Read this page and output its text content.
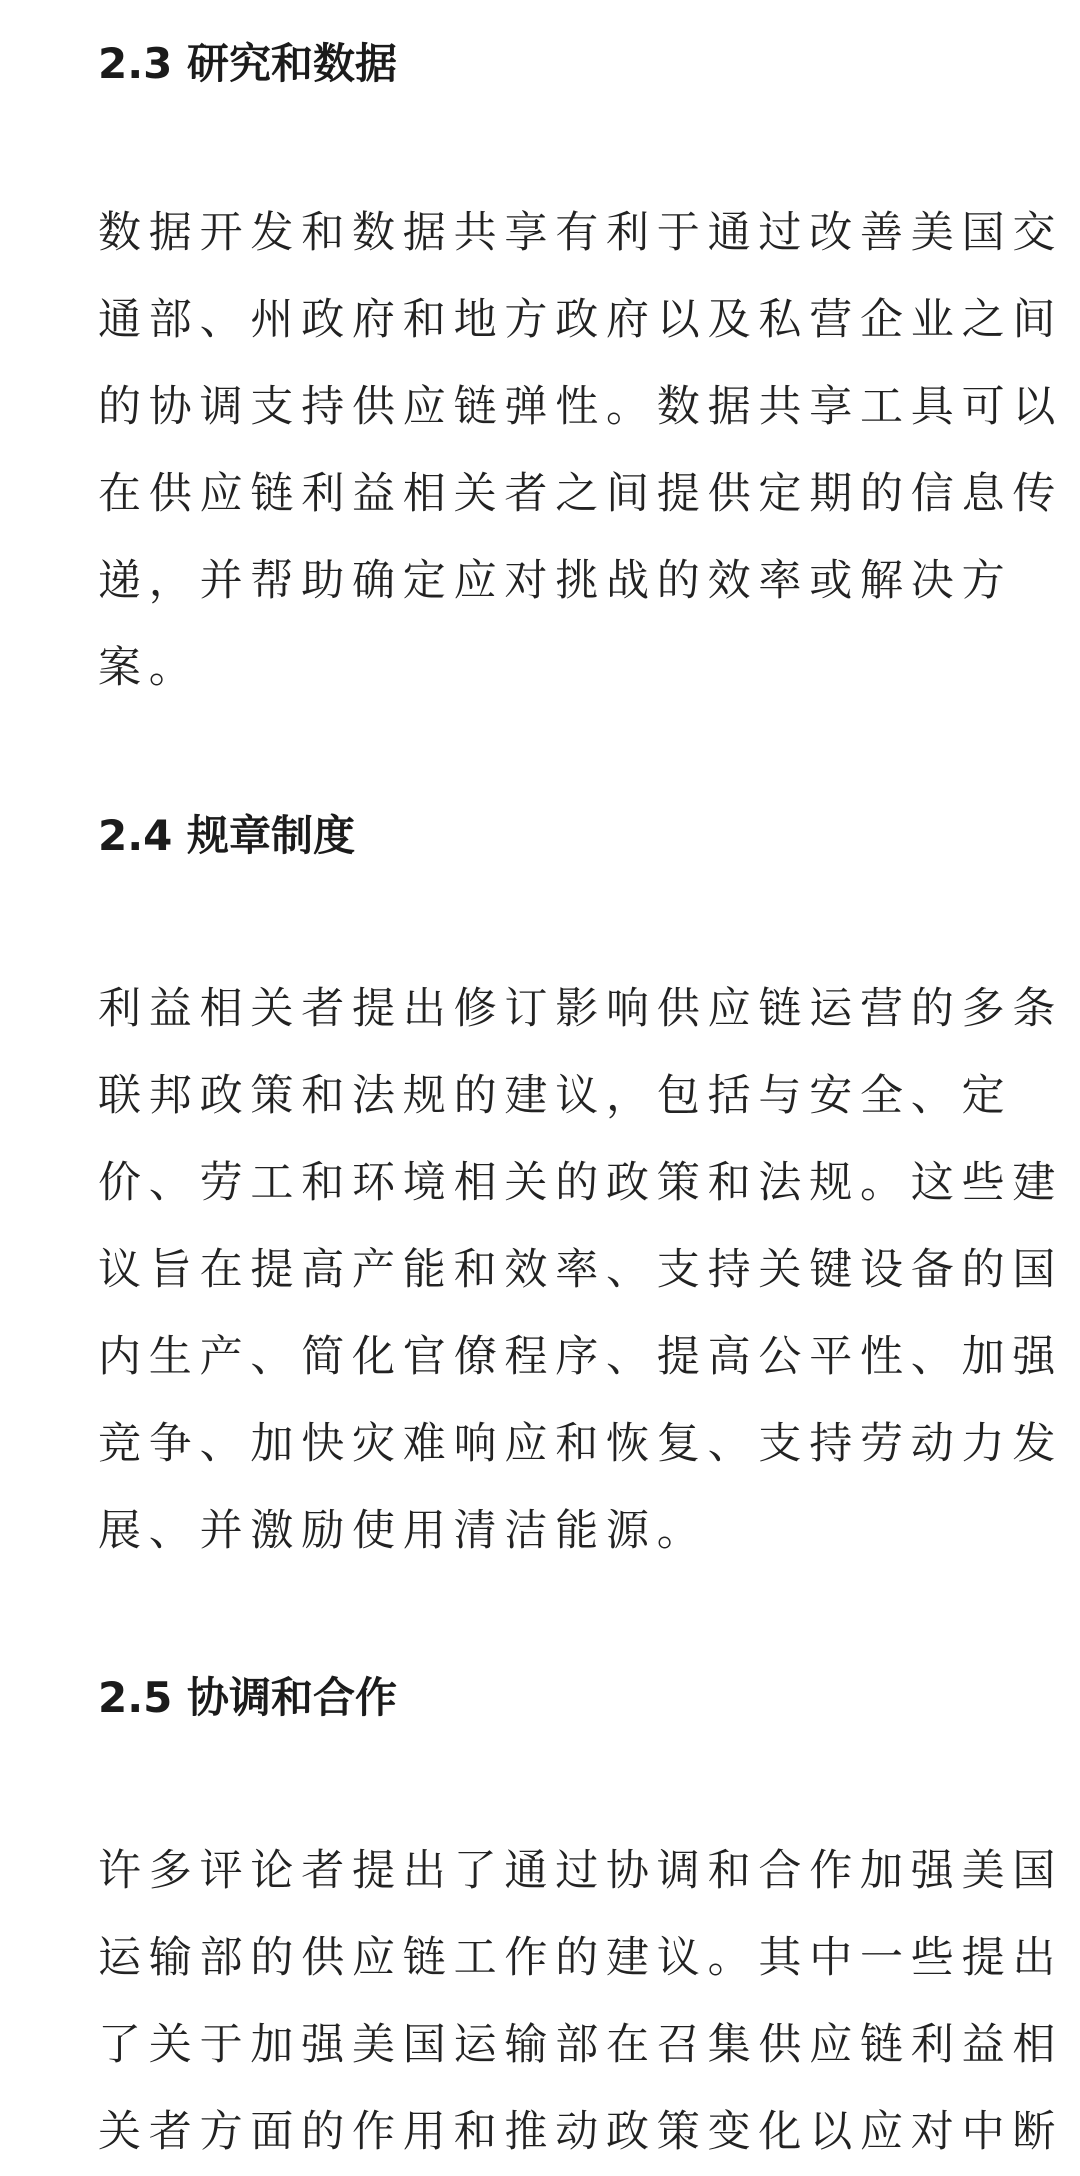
2.3 研究和数据
数据开发和数据共享有利于通过改善美国交
通部、州政府和地方政府以及私营企业之间
的协调支持供应链弹性。数据共享工具可以
在供应链利益相关者之间提供定期的信息传
递，并帮助确定应对挑战的效率或解决方
案。
2.4 规章制度
利益相关者提出修订影响供应链运营的多条
联邦政策和法规的建议，包括与安全、定
价、劳工和环境相关的政策和法规。这些建
议旨在提高产能和效率、支持关键设备的国
内生产、简化官僚程序、提高公平性、加强
竞争、加快灾难响应和恢复、支持劳动力发
展、并激励使用清洁能源。
2.5 协调和合作
许多评论者提出了通过协调和合作加强美国
运输部的供应链工作的建议。其中一些提出
了关于加强美国运输部在召集供应链利益相
关者方面的作用和推动政策变化以应对中断
